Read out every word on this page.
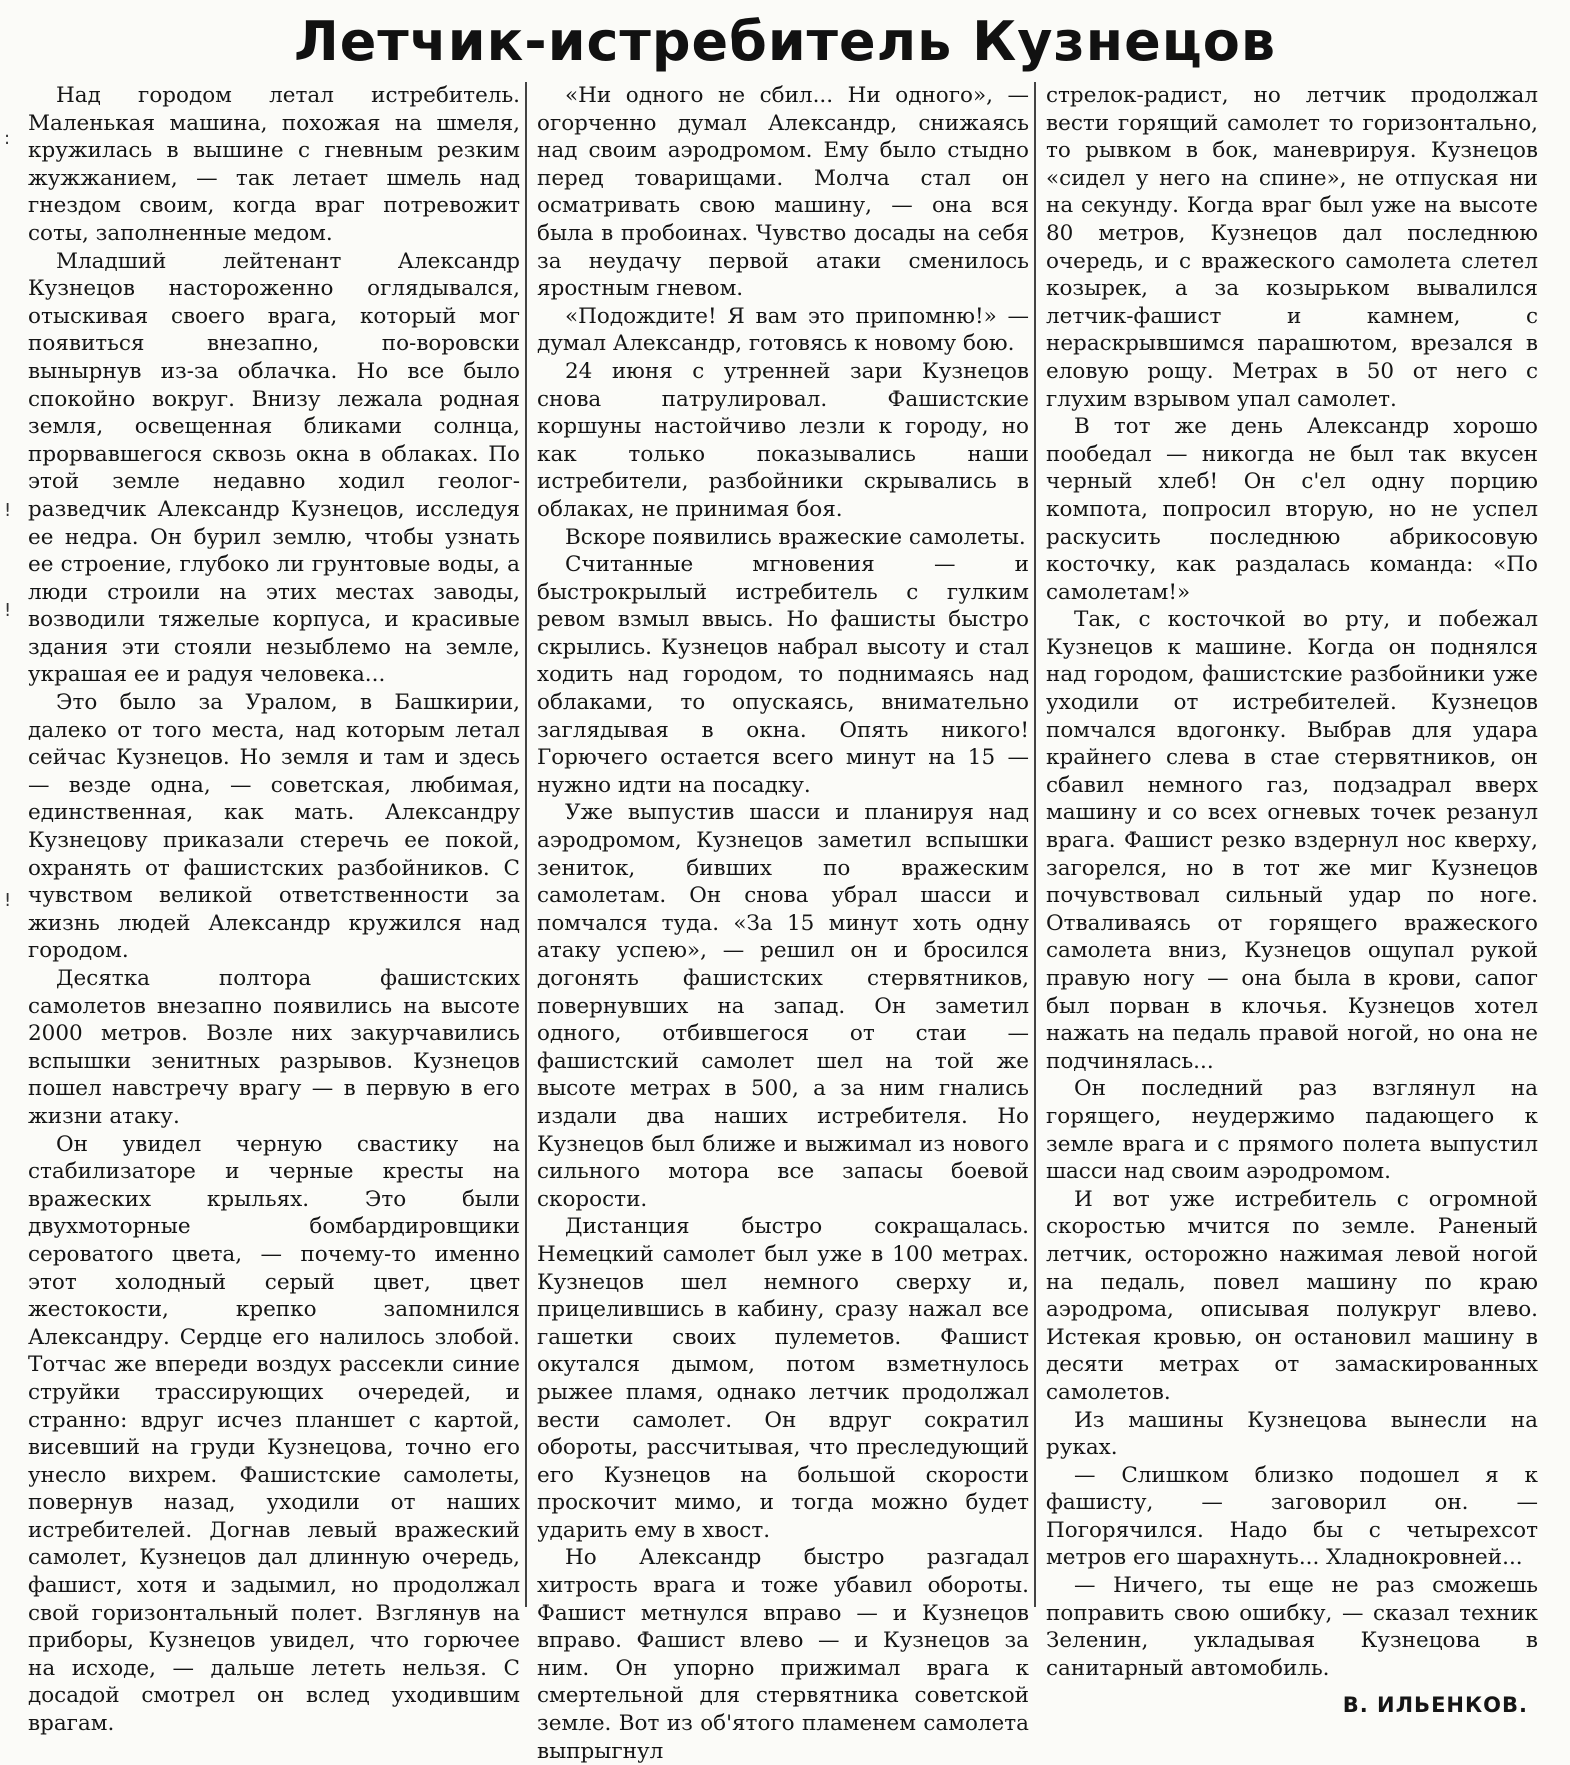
Летчик-истребитель Кузнецов
:
!
!
!

Над городом летал истребитель. Маленькая машина, похожая на шмеля, кружилась в вышине с гневным резким жужжанием, — так летает шмель над гнездом своим, когда враг потревожит соты, заполненные медом.

Младший лейтенант Александр Кузнецов настороженно оглядывался, отыскивая своего врага, который мог появиться внезапно, по-воровски вынырнув из-за облачка. Но все было спокойно вокруг. Внизу лежала родная земля, освещенная бликами солнца, прорвавшегося сквозь окна в облаках. По этой земле недавно ходил геолог-разведчик Александр Кузнецов, исследуя ее недра. Он бурил землю, чтобы узнать ее строение, глубоко ли грунтовые воды, а люди строили на этих местах заводы, возводили тяжелые корпуса, и красивые здания эти стояли незыблемо на земле, украшая ее и радуя человека...

Это было за Уралом, в Башкирии, далеко от того места, над которым летал сейчас Кузнецов. Но земля и там и здесь — везде одна, — советская, любимая, единственная, как мать. Александру Кузнецову приказали стеречь ее покой, охранять от фашистских разбойников. С чувством великой ответственности за жизнь людей Александр кружился над городом.

Десятка полтора фашистских самолетов внезапно появились на высоте 2000 метров. Возле них закурчавились вспышки зенитных разрывов. Кузнецов пошел навстречу врагу — в первую в его жизни атаку.

Он увидел черную свастику на стабилизаторе и черные кресты на вражеских крыльях. Это были двухмоторные бомбардировщики сероватого цвета, — почему-то именно этот холодный серый цвет, цвет жестокости, крепко запомнился Александру. Сердце его налилось злобой. Тотчас же впереди воздух рассекли синие струйки трассирующих очередей, и странно: вдруг исчез планшет с картой, висевший на груди Кузнецова, точно его унесло вихрем. Фашистские самолеты, повернув назад, уходили от наших истребителей. Догнав левый вражеский самолет, Кузнецов дал длинную очередь, фашист, хотя и задымил, но продолжал свой горизонтальный полет. Взглянув на приборы, Кузнецов увидел, что горючее на исходе, — дальше лететь нельзя. С досадой смотрел он вслед уходившим врагам.

«Ни одного не сбил... Ни одного», — огорченно думал Александр, снижаясь над своим аэродромом. Ему было стыдно перед товарищами. Молча стал он осматривать свою машину, — она вся была в пробоинах. Чувство досады на себя за неудачу первой атаки сменилось яростным гневом.

«Подождите! Я вам это припомню!» — думал Александр, готовясь к новому бою.

24 июня с утренней зари Кузнецов снова патрулировал. Фашистские коршуны настойчиво лезли к городу, но как только показывались наши истребители, разбойники скрывались в облаках, не принимая боя.

Вскоре появились вражеские самолеты.

Считанные мгновения — и быстрокрылый истребитель с гулким ревом взмыл ввысь. Но фашисты быстро скрылись. Кузнецов набрал высоту и стал ходить над городом, то поднимаясь над облаками, то опускаясь, внимательно заглядывая в окна. Опять никого! Горючего остается всего минут на 15 — нужно идти на посадку.

Уже выпустив шасси и планируя над аэродромом, Кузнецов заметил вспышки зениток, бивших по вражеским самолетам. Он снова убрал шасси и помчался туда. «За 15 минут хоть одну атаку успею», — решил он и бросился догонять фашистских стервятников, повернувших на запад. Он заметил одного, отбившегося от стаи — фашистский самолет шел на той же высоте метрах в 500, а за ним гнались издали два наших истребителя. Но Кузнецов был ближе и выжимал из нового сильного мотора все запасы боевой скорости.

Дистанция быстро сокращалась. Немецкий самолет был уже в 100 метрах. Кузнецов шел немного сверху и, прицелившись в кабину, сразу нажал все гашетки своих пулеметов. Фашист окутался дымом, потом взметнулось рыжее пламя, однако летчик продолжал вести самолет. Он вдруг сократил обороты, рассчитывая, что преследующий его Кузнецов на большой скорости проскочит мимо, и тогда можно будет ударить ему в хвост.

Но Александр быстро разгадал хитрость врага и тоже убавил обороты. Фашист метнулся вправо — и Кузнецов вправо. Фашист влево — и Кузнецов за ним. Он упорно прижимал врага к смертельной для стервятника советской земле. Вот из об'ятого пламенем самолета выпрыгнул

стрелок-радист, но летчик продолжал вести горящий самолет то горизонтально, то рывком в бок, маневрируя. Кузнецов «сидел у него на спине», не отпуская ни на секунду. Когда враг был уже на высоте 80 метров, Кузнецов дал последнюю очередь, и с вражеского самолета слетел козырек, а за козырьком вывалился летчик-фашист и камнем, с нераскрывшимся парашютом, врезался в еловую рощу. Метрах в 50 от него с глухим взрывом упал самолет.

В тот же день Александр хорошо пообедал — никогда не был так вкусен черный хлеб! Он с'ел одну порцию компота, попросил вторую, но не успел раскусить последнюю абрикосовую косточку, как раздалась команда: «По самолетам!»

Так, с косточкой во рту, и побежал Кузнецов к машине. Когда он поднялся над городом, фашистские разбойники уже уходили от истребителей. Кузнецов помчался вдогонку. Выбрав для удара крайнего слева в стае стервятников, он сбавил немного газ, подзадрал вверх машину и со всех огневых точек резанул врага. Фашист резко вздернул нос кверху, загорелся, но в тот же миг Кузнецов почувствовал сильный удар по ноге. Отваливаясь от горящего вражеского самолета вниз, Кузнецов ощупал рукой правую ногу — она была в крови, сапог был порван в клочья. Кузнецов хотел нажать на педаль правой ногой, но она не подчинялась...

Он последний раз взглянул на горящего, неудержимо падающего к земле врага и с прямого полета выпустил шасси над своим аэродромом.

И вот уже истребитель с огромной скоростью мчится по земле. Раненый летчик, осторожно нажимая левой ногой на педаль, повел машину по краю аэродрома, описывая полукруг влево. Истекая кровью, он остановил машину в десяти метрах от замаскированных самолетов.

Из машины Кузнецова вынесли на руках.

— Слишком близко подошел я к фашисту, — заговорил он. — Погорячился. Надо бы с четырехсот метров его шарахнуть... Хладнокровней...

— Ничего, ты еще не раз сможешь поправить свою ошибку, — сказал техник Зеленин, укладывая Кузнецова в санитарный автомобиль.

В. ИЛЬЕНКОВ.
